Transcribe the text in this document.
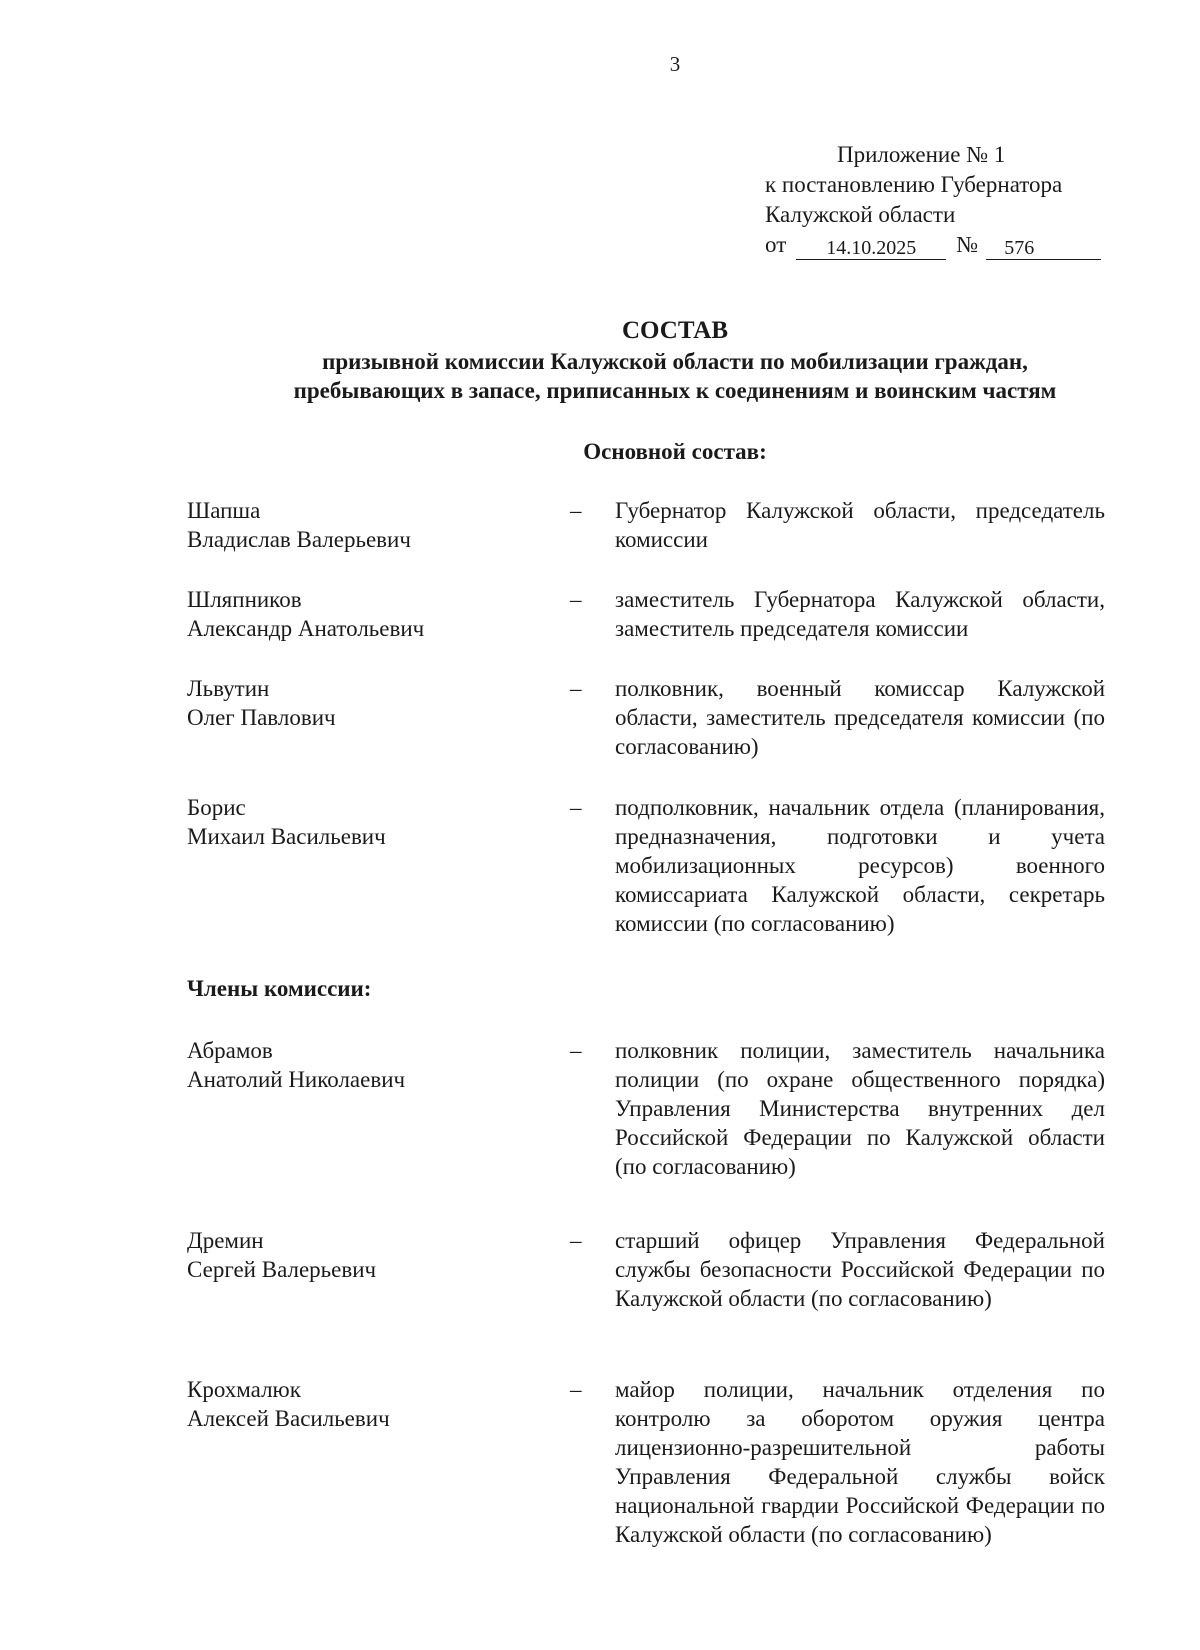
3
Приложение № 1
к постановлению Губернатора
Калужской области
от	14.10.2025	№	576
СОСТАВ
призывной комиссии Калужской области по мобилизации граждан,
пребывающих в запасе, приписанных к соединениям и воинским частям
Основной состав:
Шапша
Владислав Валерьевич
– Губернатор Калужской области, председатель комиссии
Шляпников
Александр Анатольевич
– заместитель Губернатора Калужской области, заместитель председателя комиссии
Львутин
Олег Павлович
– полковник, военный комиссар Калужской области, заместитель председателя комиссии (по согласованию)
Борис
Михаил Васильевич
– подполковник, начальник отдела (планирования, предназначения, подготовки и учета мобилизационных ресурсов) военного комиссариата Калужской области, секретарь комиссии (по согласованию)
Члены комиссии:
Абрамов
Анатолий Николаевич
– полковник полиции, заместитель начальника полиции (по охране общественного порядка) Управления Министерства внутренних дел Российской Федерации по Калужской области (по согласованию)
Дремин
Сергей Валерьевич
– старший офицер Управления Федеральной службы безопасности Российской Федерации по Калужской области (по согласованию)
Крохмалюк
Алексей Васильевич
– майор полиции, начальник отделения по контролю за оборотом оружия центра лицензионно-разрешительной работы Управления Федеральной службы войск национальной гвардии Российской Федерации по Калужской области (по согласованию)
